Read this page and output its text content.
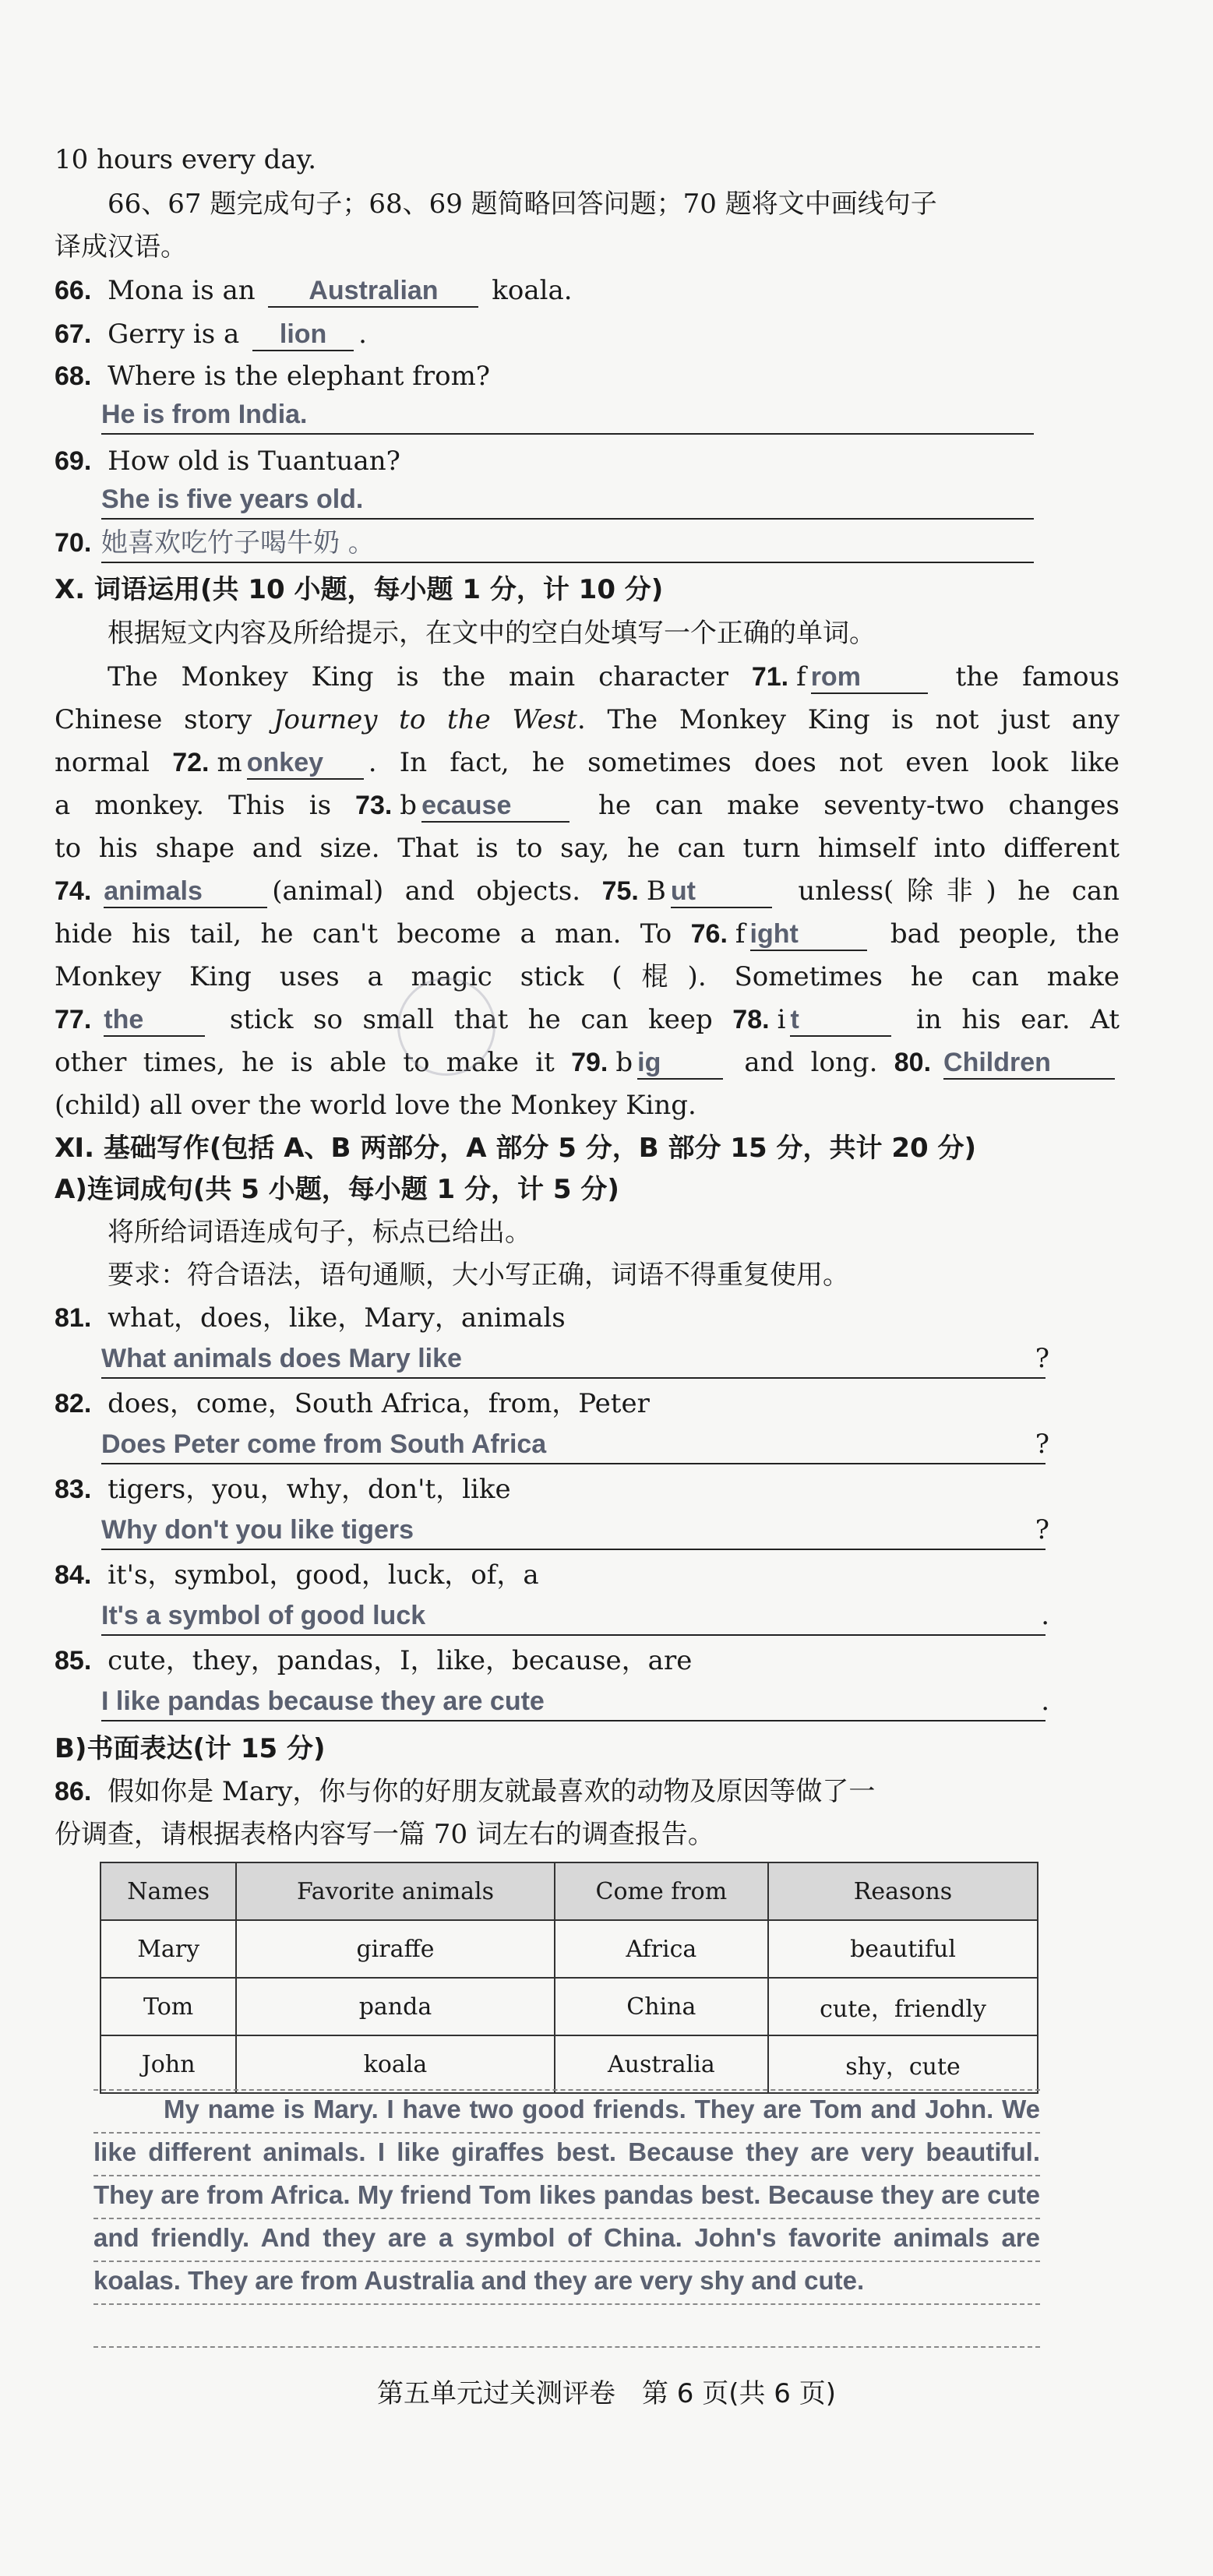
10 hours every day.
66、67 题完成句子；68、69 题简略回答问题；70 题将文中画线句子
译成汉语。
66. Mona is an Australian koala.
67. Gerry is a lion .
68. Where is the elephant from?
He is from India.
69. How old is Tuantuan?
She is five years old.
70. 她喜欢吃竹子喝牛奶 。
Ⅹ. 词语运用(共 10 小题，每小题 1 分，计 10 分)
根据短文内容及所给提示，在文中的空白处填写一个正确的单词。
The Monkey King is the main character 71. f rom	the famous
Chinese story Journey to the West. The Monkey King is not just any
normal 72. m onkey . In fact, he sometimes does not even look like
a monkey. This is 73. b ecause he can make seventy-two changes
to his shape and size. That is to say, he can turn himself into different
74. animals	(animal) and objects. 75. B ut	unless(除非) he can
hide his tail, he can't become a man. To 76. f ight	bad people, the
Monkey King uses a magic stick (棍). Sometimes he can make
77. the	stick so small that he can keep 78. i t	in his ear. At
other times, he is able to make it 79. b ig	and long. 80. Children
(child) all over the world love the Monkey King.
Ⅺ. 基础写作(包括 A、B 两部分，A 部分 5 分，B 部分 15 分，共计 20 分)
A)连词成句(共 5 小题，每小题 1 分，计 5 分)
将所给词语连成句子，标点已给出。
要求：符合语法，语句通顺，大小写正确，词语不得重复使用。
81. what，does，like，Mary，animals
What animals does Mary like	?
82. does，come，South Africa，from，Peter
Does Peter come from South Africa	?
83. tigers，you，why，don't，like
Why don't you like tigers	?
84. it's，symbol，good，luck，of，a
It's a symbol of good luck	.
85. cute，they，pandas，I，like，because，are
I like pandas because they are cute	.
B)书面表达(计 15 分)
86. 假如你是 Mary，你与你的好朋友就最喜欢的动物及原因等做了一
份调查，请根据表格内容写一篇 70 词左右的调查报告。
Names	Favorite animals	Come from	Reasons
Mary	giraffe	Africa	beautiful
Tom	panda	China	cute，friendly
John	koala	Australia	shy，cute
My name is Mary. I have two good friends. They are Tom and John. We like different animals. I like giraffes best. Because they are very beautiful. They are from Africa. My friend Tom likes pandas best. Because they are cute and friendly. And they are a symbol of China. John's favorite animals are koalas. They are from Australia and they are very shy and cute.
第五单元过关测评卷　第 6 页(共 6 页)
